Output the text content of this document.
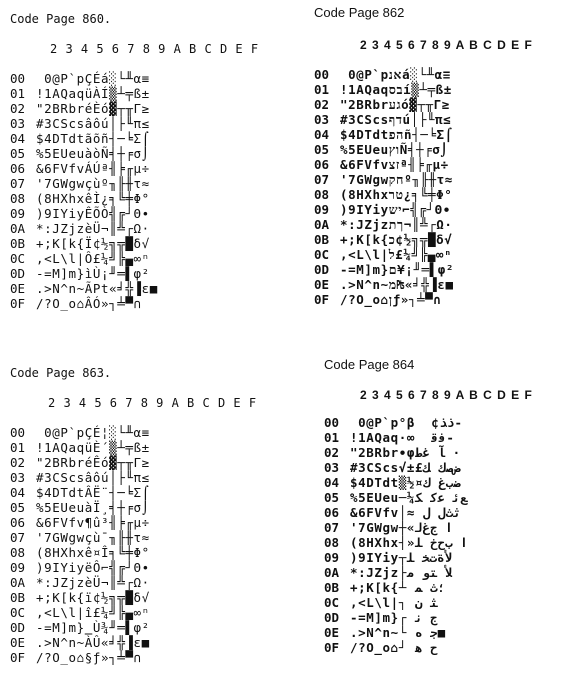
Code Page 860.
2 3 4 5 6 7 8 9 A B C D E F
00 0@P`pÇÉá░└╨α≡
01 !1AQaqüÀÍ▒┴╤ß±
02 "2BRbréÈó▓┬╥Γ≥
03 #3CScsâôú│├╙π≤
04 $4DTdtãõñ┤─╘Σ⌠
05 %5EUeuàòÑ╡┼╒σ⌡
06 &6FVfvÁÚª╢╞╓µ÷
07 '7GWgwçùº╖╟╫τ≈
08 (8HXhxêÌ¿╕╚╪Φ°
09 )9IYiyÊÕÒ╣╔┘Θ∙
0A *:JZjzèÜ¬║╩┌Ω·
0B +;K[k{Ï¢½╗╦█δ√
0C ,<L\l|Ô£¼╝╠▄∞ⁿ
0D -=M]m}ìÙ¡╜═▌φ²
0E .>N^n~ÃPt«╛╬▐ε■
0F /?O_o⌂ÂÓ»┐╧▀∩
Code Page 862
2 3 4 5 6 7 8 9 A B C D E F
00 0@P`pאנá░└╨α≡
01 !1AQaqבסí▒┴╤ß±
02 "2BRbrגעó▓┬╥Γ≥
03 #3CScsדףú│├╙π≤
04 $4DTdtהפñ┤─╘Σ⌠
05 %5EUeuוץÑ╡┼╒σ⌡
06 &6FVfvזצª╢╞╓µ÷
07 '7GWgwחקº╖╟╫τ≈
08 (8HXhxטר¿╕╚╪Φ°
09 )9IYiyיש⌐╣╔┘Θ∙
0A *:JZjzךת¬║╩┌Ω·
0B +;K[k{כ¢½╗╦█δ√
0C ,<L\l|ל£¼╝╠▄∞ⁿ
0D -=M]m}ם¥¡╜═▌φ²
0E .>N^n~מ₧«╛╬▐ε■
0F /?O_o⌂ןƒ»┐╧▀∩
Code Page 863.
2 3 4 5 6 7 8 9 A B C D E F
00 0@P`pÇÉ¦░└╨α≡
01 !1AQaqüÈ´▒┴╤ß±
02 "2BRbréÊó▓┬╥Γ≥
03 #3CScsâôú│├╙π≤
04 $4DTdtÂË¨┤─╘Σ⌠
05 %5EUeuàÏ¸╡┼╒σ⌡
06 &6FVfv¶û³╢╞╓µ÷
07 '7GWgwçù¯╖╟╫τ≈
08 (8HXhxê¤Î╕╚╪Φ°
09 )9IYiyëÔ⌐╣╔┘Θ∙
0A *:JZjzèÜ¬║╩┌Ω·
0B +;K[k{ï¢½╗╦█δ√
0C ,<L\l|î£¼╝╠▄∞ⁿ
0D -=M]m}‗Ù¾╜═▌φ²
0E .>N^n~ÀÛ«╛╬▐ε■
0F /?O_o⌂§ƒ»┐╧▀∩
Code Page 864
2 3 4 5 6 7 8 9 A B C D E F
00 0@P`p°β  ¢ﺫﺬ-
01 !1AQaq·∞  ﻓﻗ‐
02 "2BRbr∙φﺂ ﻏﻁ ·
03 #3CScs√±£ﺽﺻﻙ ﻚ
04 $4DTdt▒½¤ﺿﺏﻍ ﻙ
05 %5EUeu─¼ﻊﺋ ﻋﻛ ﻜ
06 &6FVfv│≈ ﺛﺙﻝ ﻝ
07 '7GWgw┼«ﺍ ﺝﻍﻟ
08 (8HXhx┤»ﺍ ﺏﺡﺥ ﻠ
09 )9IYiy┬ﻷﺓﺕﺨ ﻠ
0A *:JZjz├ﻸ ﺘﻭ ﻣ
0B +;K[k{┴ ؛ﺙ ﻤ
0C ,<L\l|┐ ﺜ ﻥ
0D -=M]m}┌ ﺝ ﻧ
0E .>N^n~└ ﺟ ﻩ■
0F /?O_o⌂┘ ﺡ ﻫ
